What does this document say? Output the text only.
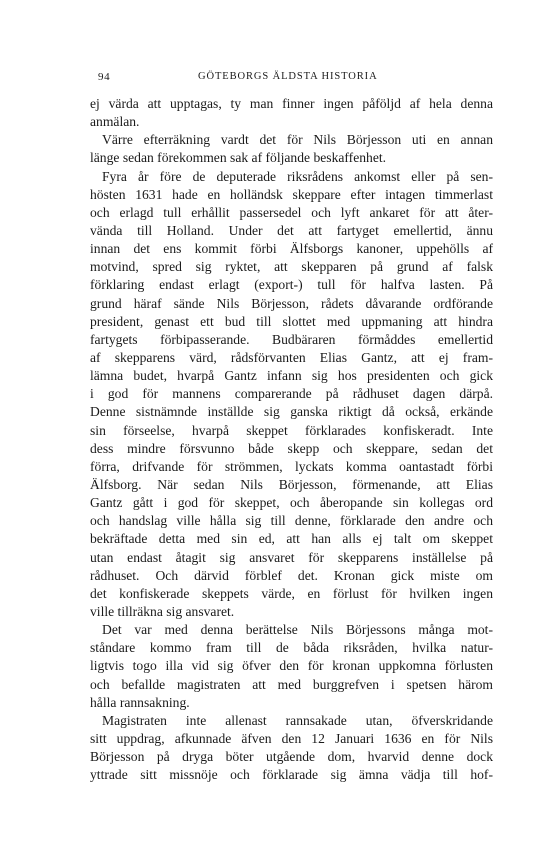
94	GÖTEBORGS ÄLDSTA HISTORIA
ej värda att upptagas, ty man finner ingen påföljd af hela denna
anmälan.
Värre efterräkning vardt det för Nils Börjesson uti en annan
länge sedan förekommen sak af följande beskaffenhet.
Fyra år före de deputerade riksrådens ankomst eller på sen-
hösten 1631 hade en holländsk skeppare efter intagen timmerlast
och erlagd tull erhållit passersedel och lyft ankaret för att åter-
vända till Holland. Under det att fartyget emellertid, ännu
innan det ens kommit förbi Älfsborgs kanoner, uppehölls af
motvind, spred sig ryktet, att skepparen på grund af falsk
förklaring endast erlagt (export-) tull för halfva lasten. På
grund häraf sände Nils Börjesson, rådets dåvarande ordförande
president, genast ett bud till slottet med uppmaning att hindra
fartygets förbipasserande. Budbäraren förmåddes emellertid
af skepparens värd, rådsförvanten Elias Gantz, att ej fram-
lämna budet, hvarpå Gantz infann sig hos presidenten och gick
i god för mannens comparerande på rådhuset dagen därpå.
Denne sistnämnde inställde sig ganska riktigt då också, erkände
sin förseelse, hvarpå skeppet förklarades konfiskeradt. Inte
dess mindre försvunno både skepp och skeppare, sedan det
förra, drifvande för strömmen, lyckats komma oantastadt förbi
Älfsborg. När sedan Nils Börjesson, förmenande, att Elias
Gantz gått i god för skeppet, och åberopande sin kollegas ord
och handslag ville hålla sig till denne, förklarade den andre och
bekräftade detta med sin ed, att han alls ej talt om skeppet
utan endast åtagit sig ansvaret för skepparens inställelse på
rådhuset. Och därvid förblef det. Kronan gick miste om
det konfiskerade skeppets värde, en förlust för hvilken ingen
ville tillräkna sig ansvaret.
Det var med denna berättelse Nils Börjessons många mot-
ståndare kommo fram till de båda riksråden, hvilka natur-
ligtvis togo illa vid sig öfver den för kronan uppkomna förlusten
och befallde magistraten att med burggrefven i spetsen härom
hålla rannsakning.
Magistraten inte allenast rannsakade utan, öfverskridande
sitt uppdrag, afkunnade äfven den 12 Januari 1636 en för Nils
Börjesson på dryga böter utgående dom, hvarvid denne dock
yttrade sitt missnöje och förklarade sig ämna vädja till hof-
